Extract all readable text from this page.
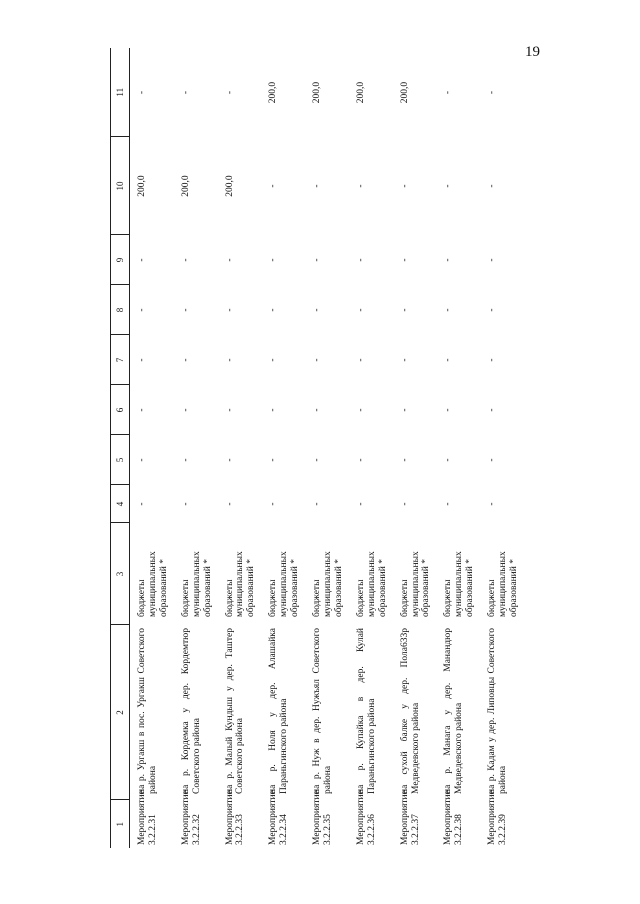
19
1	2	3	4	5	6	7	8	9	10	11
Мероприятие 3.2.2.31	на р. Ургакш в пос. Ургакш Советского района	бюджеты муниципальных образований *	-	-	-	-	-	-	200,0	-
Мероприятие 3.2.2.32	на р. Кордемка у дер. Кордемтюр Советского района	бюджеты муниципальных образований *	-	-	-	-	-	-	200,0	-
Мероприятие 3.2.2.33	на р. Малый Кундыш у дер. Таштер Советского района	бюджеты муниципальных образований *	-	-	-	-	-	-	200,0	-
Мероприятие 3.2.2.34	на р. Ноля у дер. Алашайка Параньгинского района	бюджеты муниципальных образований *	-	-	-	-	-	-	-	200,0
Мероприятие 3.2.2.35	на р. Нуж в дер. Нужъял Советского района	бюджеты муниципальных образований *	-	-	-	-	-	-	-	200,0
Мероприятие 3.2.2.36	на р. Купайка в дер. Кулай Параньгинского района	бюджеты муниципальных образований *	-	-	-	-	-	-	-	200,0
Мероприятие 3.2.2.37	на сухой балке у дер. Пола633р Медведевского района	бюджеты муниципальных образований *	-	-	-	-	-	-	-	200,0
Мероприятие 3.2.2.38	на р. Манага у дер. Манандюр Медведевского района	бюджеты муниципальных образований *	-	-	-	-	-	-	-	-
Мероприятие 3.2.2.39	на р. Кадам у дер. Липовцы Советского района	бюджеты муниципальных образований *	-	-	-	-	-	-	-	-
